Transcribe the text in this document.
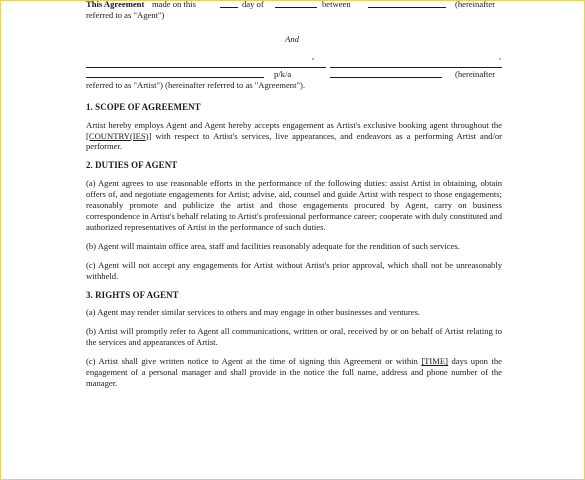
This Agreement made on this	day of	between	(hereinafter
referred to as "Agent")
And
,	,
p/k/a	(hereinafter
referred to as "Artist") (hereinafter referred to as "Agreement").
1. SCOPE OF AGREEMENT
Artist hereby employs Agent and Agent hereby accepts engagement as Artist's exclusive booking agent throughout the [COUNTRY(IES)] with respect to Artist's services, live appearances, and endeavors as a performing Artist and/or performer.
2. DUTIES OF AGENT
(a) Agent agrees to use reasonable efforts in the performance of the following duties: assist Artist in obtaining, obtain offers of, and negotiate engagements for Artist; advise, aid, counsel and guide Artist with respect to those engagements; reasonably promote and publicize the artist and those engagements procured by Agent, carry on business correspondence in Artist's behalf relating to Artist's professional performance career; cooperate with duly constituted and authorized representatives of Artist in the performance of such duties.
(b) Agent will maintain office area, staff and facilities reasonably adequate for the rendition of such services.
(c) Agent will not accept any engagements for Artist without Artist's prior approval, which shall not be unreasonably withheld.
3. RIGHTS OF AGENT
(a) Agent may render similar services to others and may engage in other businesses and ventures.
(b) Artist will promptly refer to Agent all communications, written or oral, received by or on behalf of Artist relating to the services and appearances of Artist.
(c) Artist shall give written notice to Agent at the time of signing this Agreement or within [TIME] days upon the engagement of a personal manager and shall provide in the notice the full name, address and phone number of the manager.
